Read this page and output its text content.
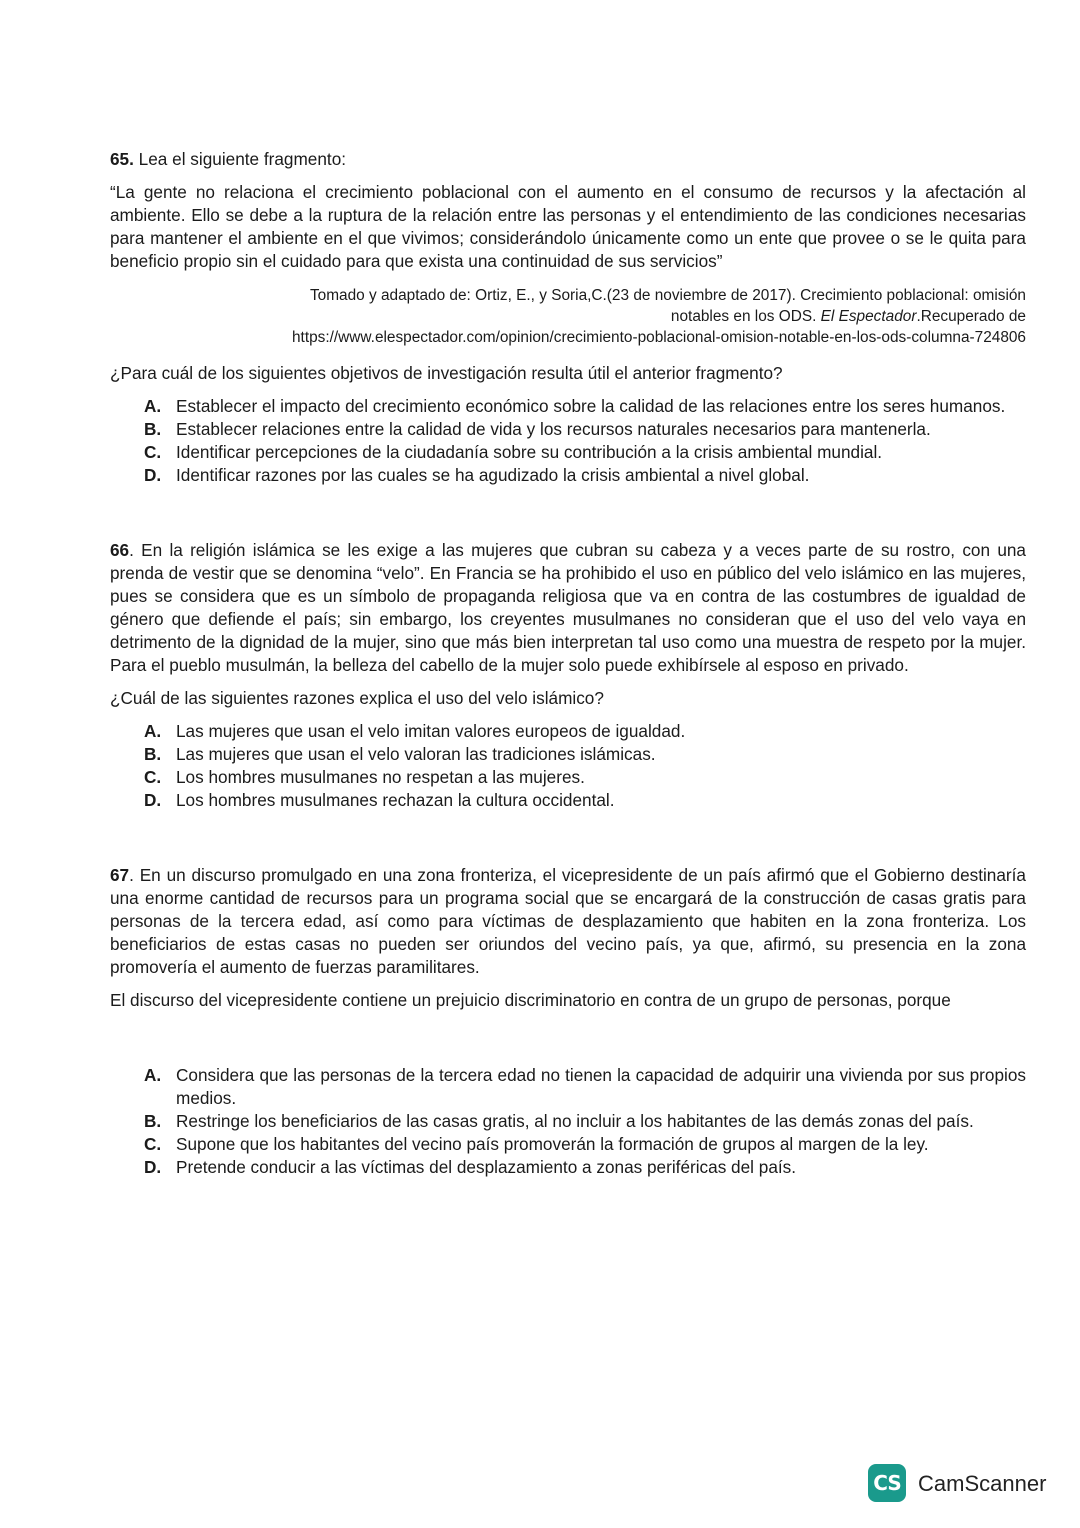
65. Lea el siguiente fragmento:

“La gente no relaciona el crecimiento poblacional con el aumento en el consumo de recursos y la afectación al ambiente. Ello se debe a la ruptura de la relación entre las personas y el entendimiento de las condiciones necesarias para mantener el ambiente en el que vivimos; considerándolo únicamente como un ente que provee o se le quita para beneficio propio sin el cuidado para que exista una continuidad de sus servicios”

Tomado y adaptado de: Ortiz, E., y Soria,C.(23 de noviembre de 2017). Crecimiento poblacional: omisión
notables en los ODS. El Espectador.Recuperado de
https://www.elespectador.com/opinion/crecimiento-poblacional-omision-notable-en-los-ods-columna-724806

¿Para cuál de los siguientes objetivos de investigación resulta útil el anterior fragmento?

A. Establecer el impacto del crecimiento económico sobre la calidad de las relaciones entre los seres humanos.
B. Establecer relaciones entre la calidad de vida y los recursos naturales necesarios para mantenerla.
C. Identificar percepciones de la ciudadanía sobre su contribución a la crisis ambiental mundial.
D. Identificar razones por las cuales se ha agudizado la crisis ambiental a nivel global.

66. En la religión islámica se les exige a las mujeres que cubran su cabeza y a veces parte de su rostro, con una prenda de vestir que se denomina “velo”. En Francia se ha prohibido el uso en público del velo islámico en las mujeres, pues se considera que es un símbolo de propaganda religiosa que va en contra de las costumbres de igualdad de género que defiende el país; sin embargo, los creyentes musulmanes no consideran que el uso del velo vaya en detrimento de la dignidad de la mujer, sino que más bien interpretan tal uso como una muestra de respeto por la mujer. Para el pueblo musulmán, la belleza del cabello de la mujer solo puede exhibírsele al esposo en privado.

¿Cuál de las siguientes razones explica el uso del velo islámico?

A. Las mujeres que usan el velo imitan valores europeos de igualdad.
B. Las mujeres que usan el velo valoran las tradiciones islámicas.
C. Los hombres musulmanes no respetan a las mujeres.
D. Los hombres musulmanes rechazan la cultura occidental.

67. En un discurso promulgado en una zona fronteriza, el vicepresidente de un país afirmó que el Gobierno destinaría una enorme cantidad de recursos para un programa social que se encargará de la construcción de casas gratis para personas de la tercera edad, así como para víctimas de desplazamiento que habiten en la zona fronteriza. Los beneficiarios de estas casas no pueden ser oriundos del vecino país, ya que, afirmó, su presencia en la zona promovería el aumento de fuerzas paramilitares.

El discurso del vicepresidente contiene un prejuicio discriminatorio en contra de un grupo de personas, porque

A. Considera que las personas de la tercera edad no tienen la capacidad de adquirir una vivienda por sus propios medios.
B. Restringe los beneficiarios de las casas gratis, al no incluir a los habitantes de las demás zonas del país.
C. Supone que los habitantes del vecino país promoverán la formación de grupos al margen de la ley.
D. Pretende conducir a las víctimas del desplazamiento a zonas periféricas del país.
CS CamScanner
